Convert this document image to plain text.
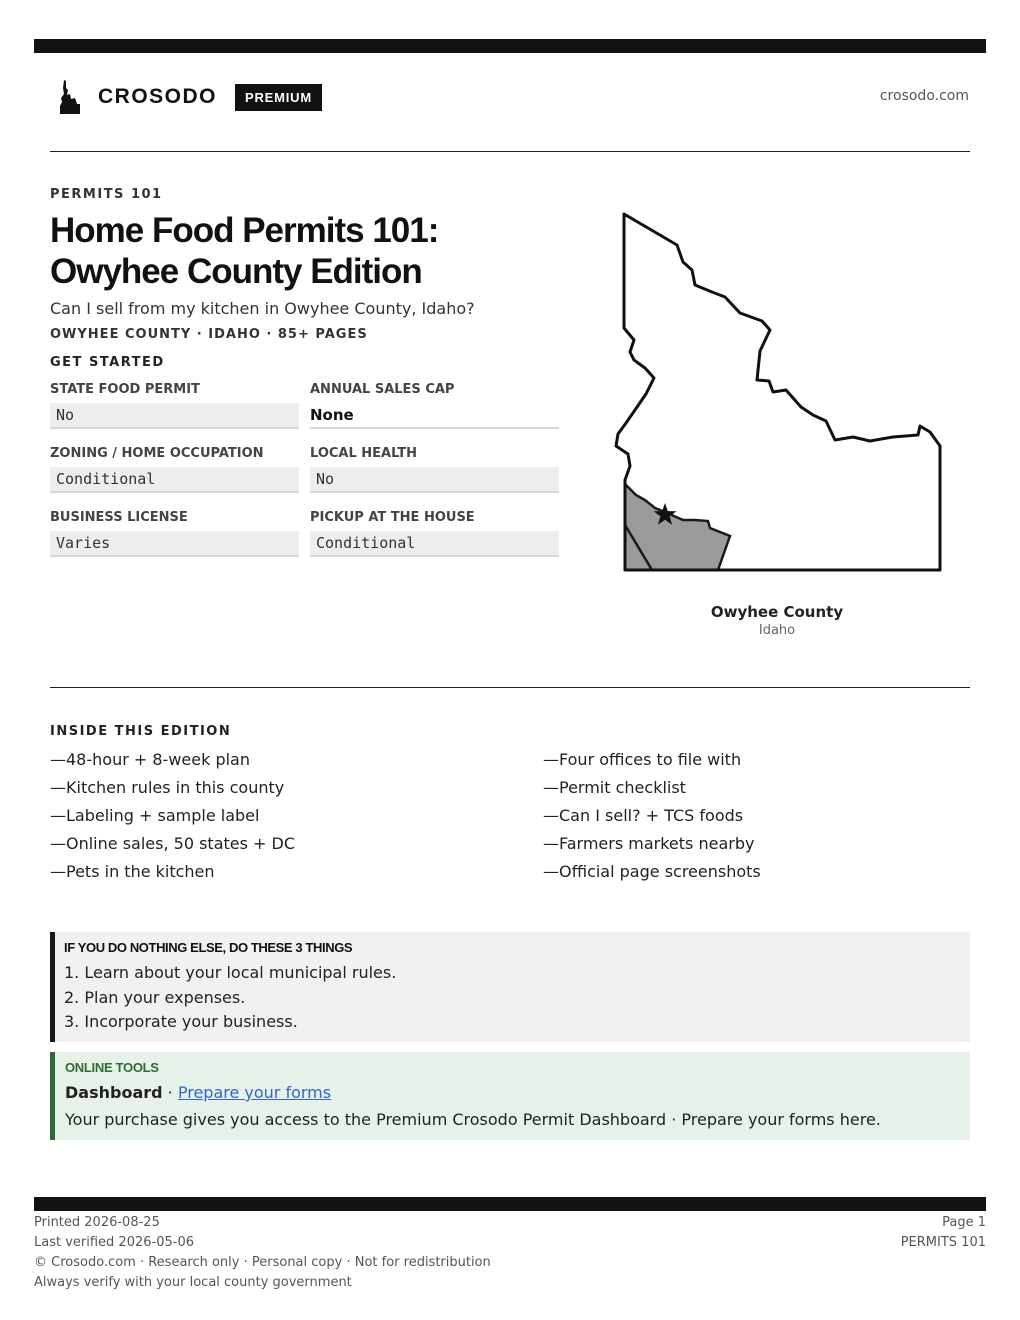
CROSODO	PREMIUM	crosodo.com
PERMITS 101
Home Food Permits 101:
Owyhee County Edition
Can I sell from my kitchen in Owyhee County, Idaho?
OWYHEE COUNTY · IDAHO · 85+ PAGES
GET STARTED
STATE FOOD PERMIT
No
ANNUAL SALES CAP
None
ZONING / HOME OCCUPATION
Conditional
LOCAL HEALTH
No
BUSINESS LICENSE
Varies
PICKUP AT THE HOUSE
Conditional
Owyhee County
Idaho
INSIDE THIS EDITION
—48-hour + 8-week plan	—Four offices to file with
—Kitchen rules in this county	—Permit checklist
—Labeling + sample label	—Can I sell? + TCS foods
—Online sales, 50 states + DC	—Farmers markets nearby
—Pets in the kitchen	—Official page screenshots
IF YOU DO NOTHING ELSE, DO THESE 3 THINGS
1. Learn about your local municipal rules.
2. Plan your expenses.
3. Incorporate your business.
ONLINE TOOLS
Dashboard · Prepare your forms
Your purchase gives you access to the Premium Crosodo Permit Dashboard · Prepare your forms here.
Printed 2026-08-25
Last verified 2026-05-06
© Crosodo.com · Research only · Personal copy · Not for redistribution
Always verify with your local county government
Page 1
PERMITS 101
